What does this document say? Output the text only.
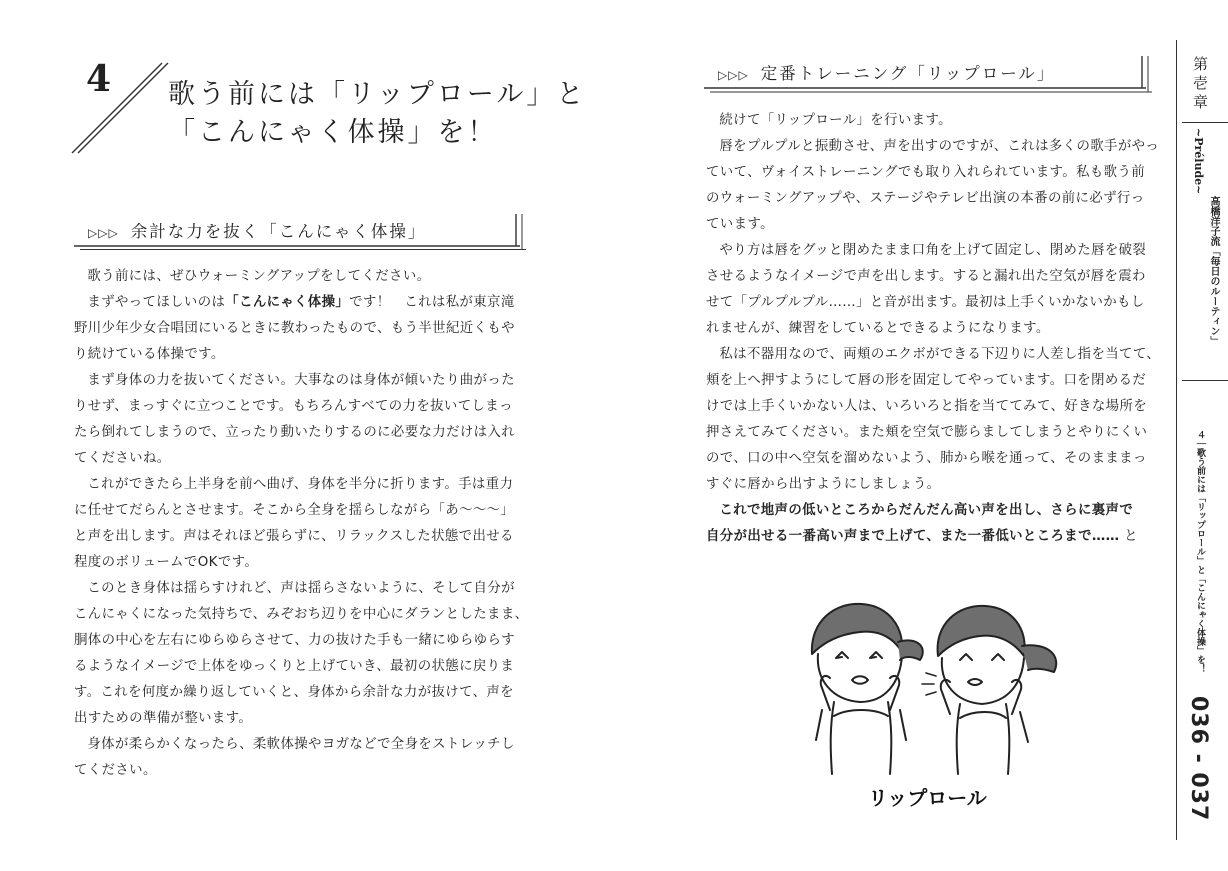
4 歌う前には「リップロール」と
「こんにゃく体操」を！
▷▷▷ 余計な力を抜く「こんにゃく体操」

歌う前には、ぜひウォーミングアップをしてください。

まずやってほしいのは「こんにゃく体操」です！　これは私が東京滝

野川少年少女合唱団にいるときに教わったもので、もう半世紀近くもや

り続けている体操です。

まず身体の力を抜いてください。大事なのは身体が傾いたり曲がった

りせず、まっすぐに立つことです。もちろんすべての力を抜いてしまっ

たら倒れてしまうので、立ったり動いたりするのに必要な力だけは入れ

てくださいね。

これができたら上半身を前へ曲げ、身体を半分に折ります。手は重力

に任せてだらんとさせます。そこから全身を揺らしながら「あ〜〜〜」

と声を出します。声はそれほど張らずに、リラックスした状態で出せる

程度のボリュームでOKです。

このとき身体は揺らすけれど、声は揺らさないように、そして自分が

こんにゃくになった気持ちで、みぞおち辺りを中心にダランとしたまま、

胴体の中心を左右にゆらゆらさせて、力の抜けた手も一緒にゆらゆらす

るようなイメージで上体をゆっくりと上げていき、最初の状態に戻りま

す。これを何度か繰り返していくと、身体から余計な力が抜けて、声を

出すための準備が整います。

身体が柔らかくなったら、柔軟体操やヨガなどで全身をストレッチし

てください。

▷▷▷ 定番トレーニング「リップロール」

続けて「リップロール」を行います。

唇をプルプルと振動させ、声を出すのですが、これは多くの歌手がやっ

ていて、ヴォイストレーニングでも取り入れられています。私も歌う前

のウォーミングアップや、ステージやテレビ出演の本番の前に必ず行っ

ています。

やり方は唇をグッと閉めたまま口角を上げて固定し、閉めた唇を破裂

させるようなイメージで声を出します。すると漏れ出た空気が唇を震わ

せて「プルプルプル……」と音が出ます。最初は上手くいかないかもし

れませんが、練習をしているとできるようになります。

私は不器用なので、両頬のエクボができる下辺りに人差し指を当てて、

頬を上へ押すようにして唇の形を固定してやっています。口を閉めるだ

けでは上手くいかない人は、いろいろと指を当ててみて、好きな場所を

押さえてみてください。また頬を空気で膨らましてしまうとやりにくい

ので、口の中へ空気を溜めないよう、肺から喉を通って、そのまままっ

すぐに唇から出すようにしましょう。

これで地声の低いところからだんだん高い声を出し、さらに裏声で

自分が出せる一番高い声まで上げて、また一番低いところまで…… と

リップロール
第壱章
~Prélude~
高橋洋子流「毎日のルーティン」
４｜歌う前には「リップロール」と「こんにゃく体操」を！
036 - 037
